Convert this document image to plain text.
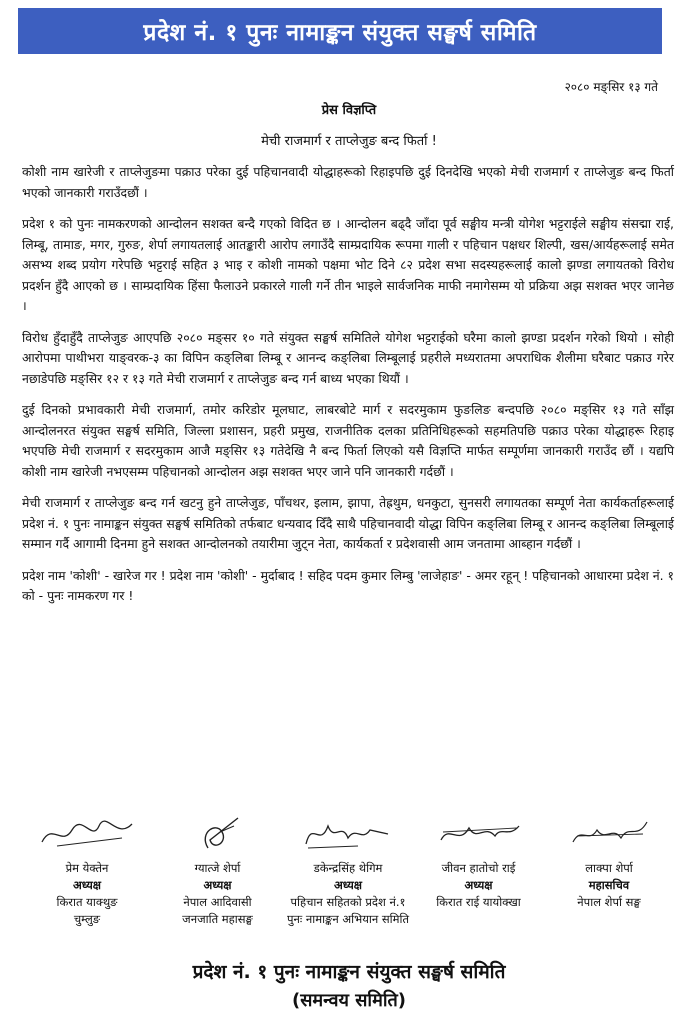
प्रदेश नं. १ पुनः नामाङ्कन संयुक्त सङ्घर्ष समिति
२०८० मङ्सिर १३ गते
प्रेस विज्ञप्ति
मेची राजमार्ग र ताप्लेजुङ बन्द फिर्ता !

कोशी नाम खारेजी र ताप्लेजुङमा पक्राउ परेका दुई पहिचानवादी योद्धाहरूको रिहाइपछि दुई दिनदेखि भएको मेची राजमार्ग र ताप्लेजुङ बन्द फिर्ता भएको जानकारी गराउँदछौं ।

प्रदेश १ को पुनः नामकरणको आन्दोलन सशक्त बन्दै गएको विदित छ । आन्दोलन बढ्दै जाँदा पूर्व सङ्घीय मन्त्री योगेश भट्टराईले सङ्घीय संसद्मा राई, लिम्बू, तामाङ, मगर, गुरुङ, शेर्पा लगायतलाई आतङ्कारी आरोप लगाउँदै साम्प्रदायिक रूपमा गाली र पहिचान पक्षधर शिल्पी, खस/आर्यहरूलाई समेत असभ्य शब्द प्रयोग गरेपछि भट्टराई सहित ३ भाइ र कोशी नामको पक्षमा भोट दिने ८२ प्रदेश सभा सदस्यहरूलाई कालो झण्डा लगायतको विरोध प्रदर्शन हुँदै आएको छ । साम्प्रदायिक हिंसा फैलाउने प्रकारले गाली गर्ने तीन भाइले सार्वजनिक माफी नमागेसम्म यो प्रक्रिया अझ सशक्त भएर जानेछ ।

विरोध हुँदाहुँदै ताप्लेजुङ आएपछि २०८० मङ्सर १० गते संयुक्त सङ्घर्ष समितिले योगेश भट्टराईको घरैमा कालो झण्डा प्रदर्शन गरेको थियो । सोही आरोपमा पाथीभरा याङ्वरक-३ का विपिन कङ्लिबा लिम्बू र आनन्द कङ्लिबा लिम्बूलाई प्रहरीले मध्यरातमा अपराधिक शैलीमा घरैबाट पक्राउ गरेर नछाडेपछि मङ्सिर १२ र १३ गते मेची राजमार्ग र ताप्लेजुङ बन्द गर्न बाध्य भएका थियौं ।

दुई दिनको प्रभावकारी मेची राजमार्ग, तमोर करिडोर मूलघाट, लाबरबोटे मार्ग र सदरमुकाम फुङलिङ बन्दपछि २०८० मङ्सिर १३ गते साँझ आन्दोलनरत संयुक्त सङ्घर्ष समिति, जिल्ला प्रशासन, प्रहरी प्रमुख, राजनीतिक दलका प्रतिनिधिहरूको सहमतिपछि पक्राउ परेका योद्धाहरू रिहाइ भएपछि मेची राजमार्ग र सदरमुकाम आजै मङ्सिर १३ गतेदेखि नै बन्द फिर्ता लिएको यसै विज्ञप्ति मार्फत सम्पूर्णमा जानकारी गराउँद छौं । यद्यपि कोशी नाम खारेजी नभएसम्म पहिचानको आन्दोलन अझ सशक्त भएर जाने पनि जानकारी गर्दछौं ।

मेची राजमार्ग र ताप्लेजुङ बन्द गर्न खटनु हुने ताप्लेजुङ, पाँचथर, इलाम, झापा, तेह्रथुम, धनकुटा, सुनसरी लगायतका सम्पूर्ण नेता कार्यकर्ताहरूलाई प्रदेश नं. १ पुनः नामाङ्कन संयुक्त सङ्घर्ष समितिको तर्फबाट धन्यवाद दिँदै साथै पहिचानवादी योद्धा विपिन कङ्लिबा लिम्बू र आनन्द कङ्लिबा लिम्बूलाई सम्मान गर्दै आगामी दिनमा हुने सशक्त आन्दोलनको तयारीमा जुट्न नेता, कार्यकर्ता र प्रदेशवासी आम जनतामा आब्हान गर्दछौं ।

प्रदेश नाम 'कोशी' - खारेज गर ! प्रदेश नाम 'कोशी' - मुर्दाबाद ! सहिद पदम कुमार लिम्बु 'लाजेहाङ' - अमर रहून् ! पहिचानको आधारमा प्रदेश नं. १ को - पुनः नामकरण गर !

प्रेम येक्तेन
अध्यक्ष
किरात याक्थुङ
चुम्लुङ
ग्यात्जे शेर्पा
अध्यक्ष
नेपाल आदिवासी
जनजाति महासङ्घ
डकेन्द्रसिंह थेगिम
अध्यक्ष
पहिचान सहितको प्रदेश नं.१
पुनः नामाङ्कन अभियान समिति
जीवन हातोचो राई
अध्यक्ष
किरात राई यायोक्खा
लाक्पा शेर्पा
महासचिव
नेपाल शेर्पा सङ्घ
प्रदेश नं. १ पुनः नामाङ्कन संयुक्त सङ्घर्ष समिति
(समन्वय समिति)
